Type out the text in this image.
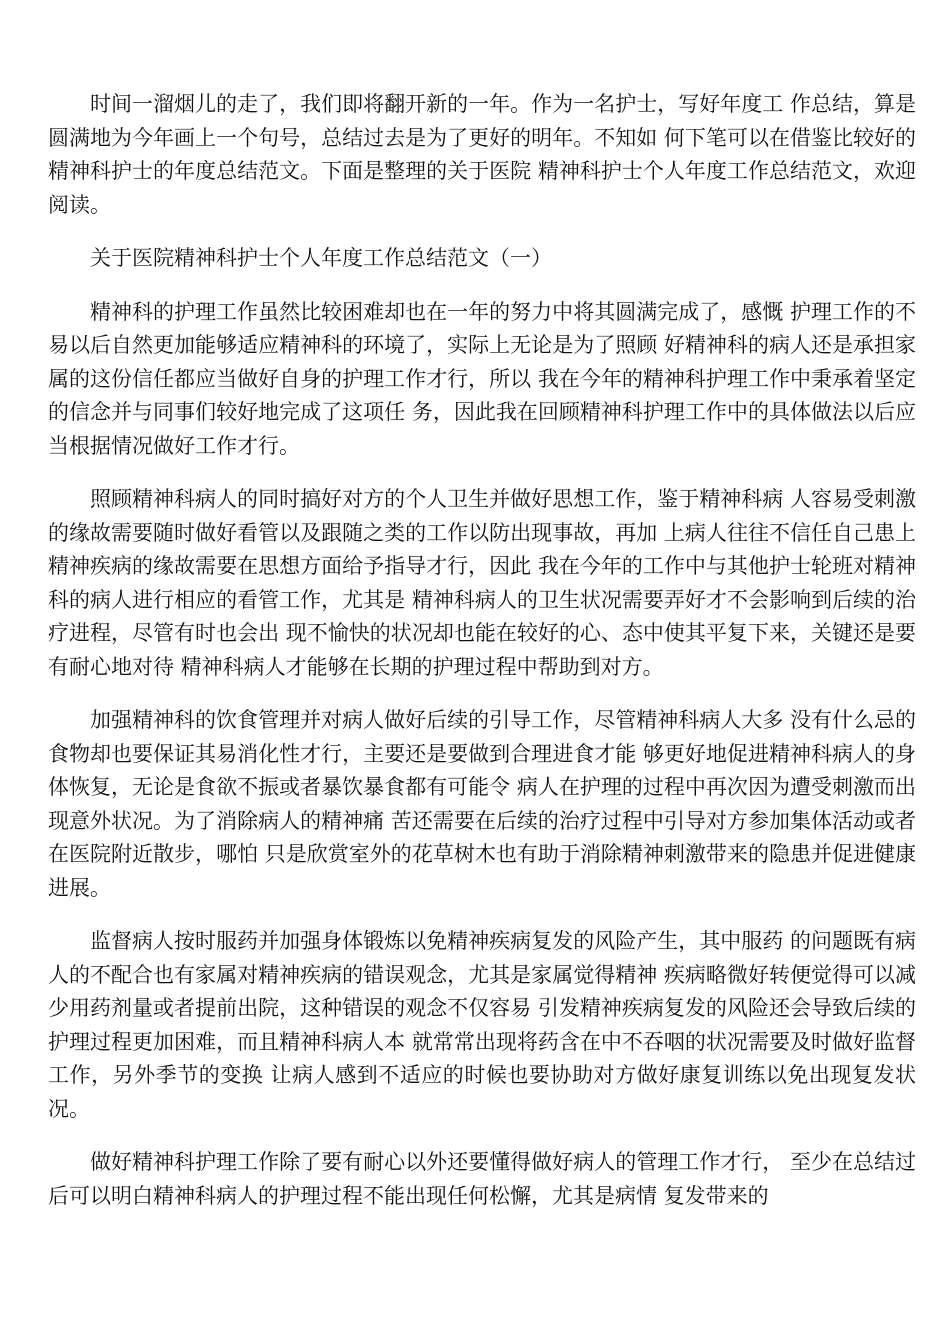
时间一溜烟儿的走了，我们即将翻开新的一年。作为一名护士，写好年度工 作总结，算是圆满地为今年画上一个句号，总结过去是为了更好的明年。不知如 何下笔可以在借鉴比较好的精神科护士的年度总结范文。下面是整理的关于医院 精神科护士个人年度工作总结范文，欢迎阅读。

关于医院精神科护士个人年度工作总结范文（一）

精神科的护理工作虽然比较困难却也在一年的努力中将其圆满完成了，感慨 护理工作的不易以后自然更加能够适应精神科的环境了，实际上无论是为了照顾 好精神科的病人还是承担家属的这份信任都应当做好自身的护理工作才行，所以 我在今年的精神科护理工作中秉承着坚定的信念并与同事们较好地完成了这项任 务，因此我在回顾精神科护理工作中的具体做法以后应当根据情况做好工作才行。

照顾精神科病人的同时搞好对方的个人卫生并做好思想工作，鉴于精神科病 人容易受刺激的缘故需要随时做好看管以及跟随之类的工作以防出现事故，再加 上病人往往不信任自己患上精神疾病的缘故需要在思想方面给予指导才行，因此 我在今年的工作中与其他护士轮班对精神科的病人进行相应的看管工作，尤其是 精神科病人的卫生状况需要弄好才不会影响到后续的治疗进程，尽管有时也会出 现不愉快的状况却也能在较好的心、态中使其平复下来，关键还是要有耐心地对待 精神科病人才能够在长期的护理过程中帮助到对方。

加强精神科的饮食管理并对病人做好后续的引导工作，尽管精神科病人大多 没有什么忌的食物却也要保证其易消化性才行，主要还是要做到合理进食才能 够更好地促进精神科病人的身体恢复，无论是食欲不振或者暴饮暴食都有可能令 病人在护理的过程中再次因为遭受刺激而出现意外状况。为了消除病人的精神痛 苦还需要在后续的治疗过程中引导对方参加集体活动或者在医院附近散步，哪怕 只是欣赏室外的花草树木也有助于消除精神刺激带来的隐患并促进健康进展。

监督病人按时服药并加强身体锻炼以免精神疾病复发的风险产生，其中服药 的问题既有病人的不配合也有家属对精神疾病的错误观念，尤其是家属觉得精神 疾病略微好转便觉得可以减少用药剂量或者提前出院，这种错误的观念不仅容易 引发精神疾病复发的风险还会导致后续的护理过程更加困难，而且精神科病人本 就常常出现将药含在中不吞咽的状况需要及时做好监督工作，另外季节的变换 让病人感到不适应的时候也要协助对方做好康复训练以免出现复发状况。

做好精神科护理工作除了要有耐心以外还要懂得做好病人的管理工作才行， 至少在总结过后可以明白精神科病人的护理过程不能出现任何松懈，尤其是病情 复发带来的
